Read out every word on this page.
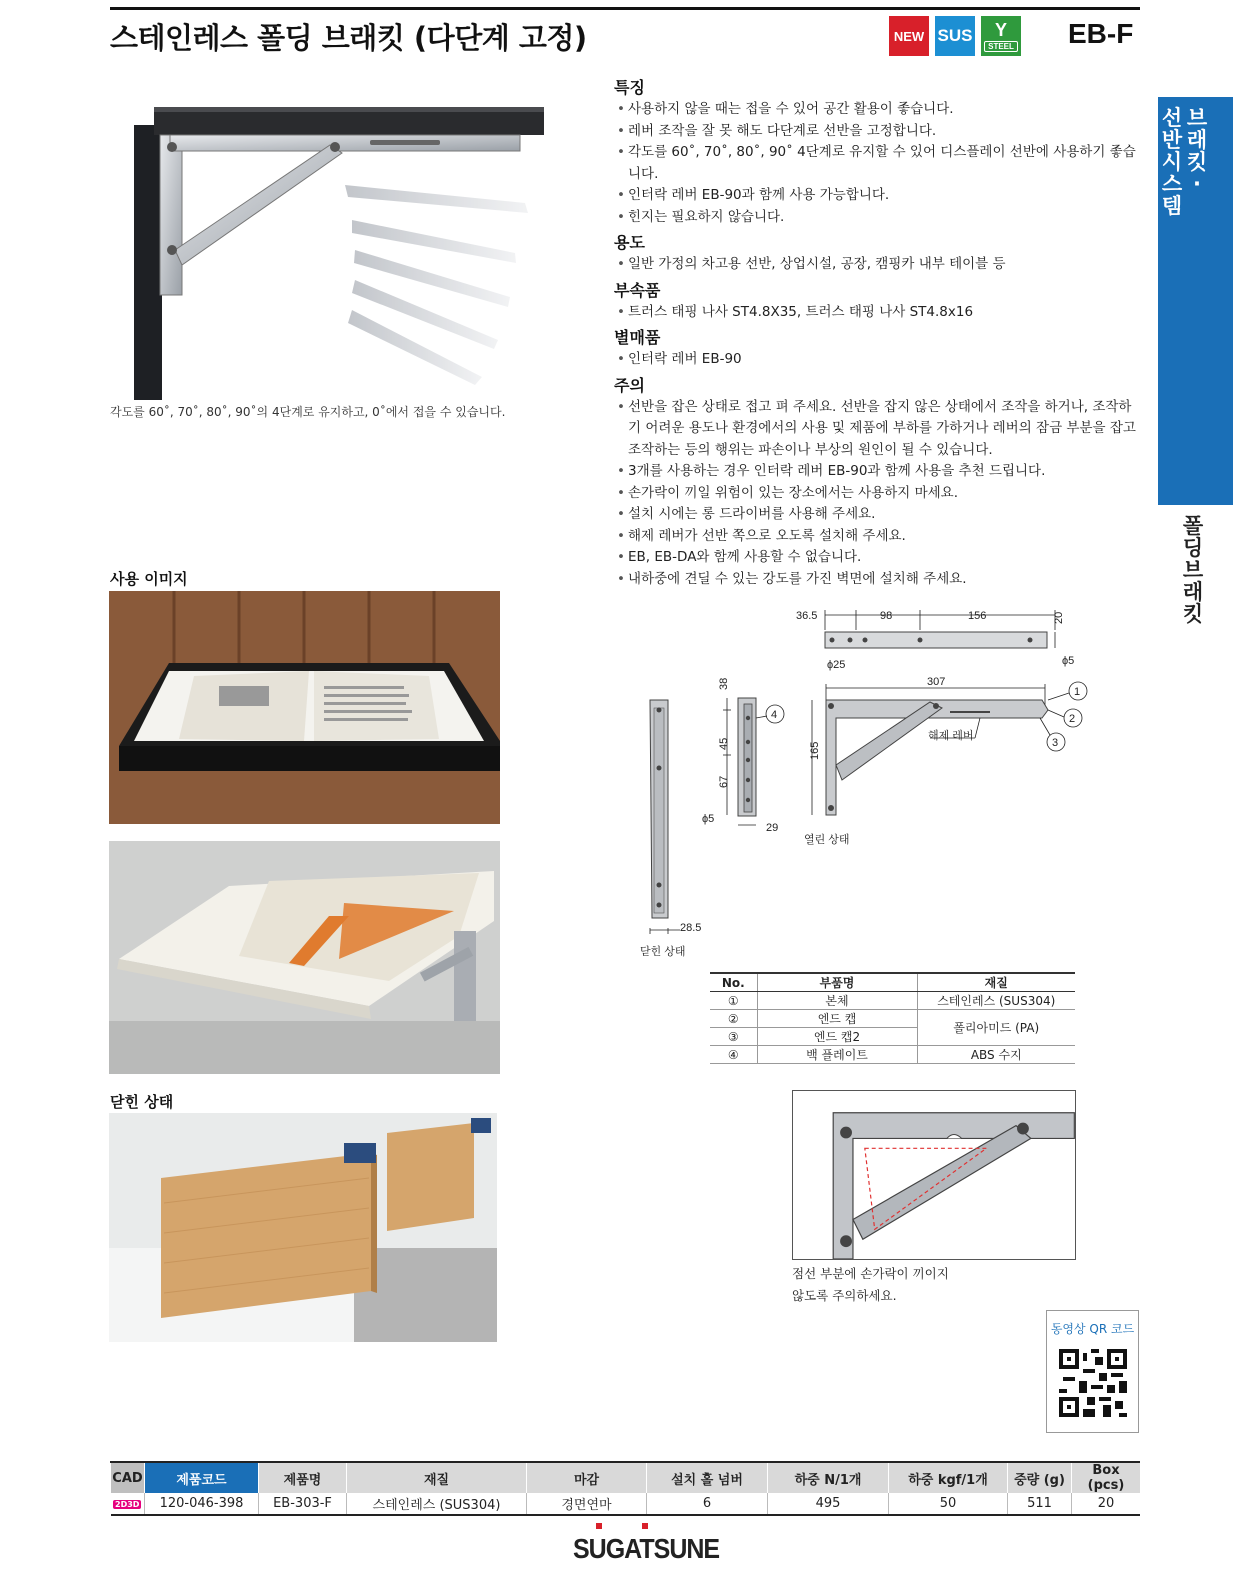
스테인레스 폴딩 브래킷 (다단계 고정)	NEW SUS Y
STEEL EB-F
선반시스템
브래킷·
폴딩브래킷
각도를 60˚, 70˚, 80˚, 90˚의 4단계로 유지하고, 0˚에서 접을 수 있습니다.
특징
• 사용하지 않을 때는 접을 수 있어 공간 활용이 좋습니다.
• 레버 조작을 잘 못 해도 다단계로 선반을 고정합니다.
• 각도를 60˚, 70˚, 80˚, 90˚ 4단계로 유지할 수 있어 디스플레이 선반에 사용하기 좋습니다.
• 인터락 레버 EB-90과 함께 사용 가능합니다.
• 힌지는 필요하지 않습니다.
용도
• 일반 가정의 차고용 선반, 상업시설, 공장, 캠핑카 내부 테이블 등
부속품
• 트러스 태핑 나사 ST4.8X35, 트러스 태핑 나사 ST4.8x16
별매품
• 인터락 레버 EB-90
주의
• 선반을 잡은 상태로 접고 펴 주세요. 선반을 잡지 않은 상태에서 조작을 하거나, 조작하기 어려운 용도나 환경에서의 사용 및 제품에 부하를 가하거나 레버의 잠금 부분을 잡고 조작하는 등의 행위는 파손이나 부상의 원인이 될 수 있습니다.
• 3개를 사용하는 경우 인터락 레버 EB-90과 함께 사용을 추천 드립니다.
• 손가락이 끼일 위험이 있는 장소에서는 사용하지 마세요.
• 설치 시에는 롱 드라이버를 사용해 주세요.
• 해제 레버가 선반 쪽으로 오도록 설치해 주세요.
• EB, EB-DA와 함께 사용할 수 없습니다.
• 내하중에 견딜 수 있는 강도를 가진 벽면에 설치해 주세요.
사용 이미지
닫힌 상태
36.5	98	156	20
ϕ25	ϕ5
307
165
1
2
3
해제 레버
열린 상태
38
45
67
ϕ5
29
4
28.5
닫힌 상태
No.	부품명	재질
①	본체	스테인레스 (SUS304)
②	엔드 캡	폴리아미드 (PA)
③	엔드 캡2	
④	백 플레이트	ABS 수지
점선 부분에 손가락이 끼이지
않도록 주의하세요.
동영상 QR 코드
CAD	제품코드	제품명	재질	마감	설치 홀 넘버	하중 N/1개	하중 kgf/1개	중량 (g)	Box (pcs)
2D3D	120-046-398	EB-303-F	스테인레스 (SUS304)	경면연마	6	495	50	511	20
SUGATSUNE
